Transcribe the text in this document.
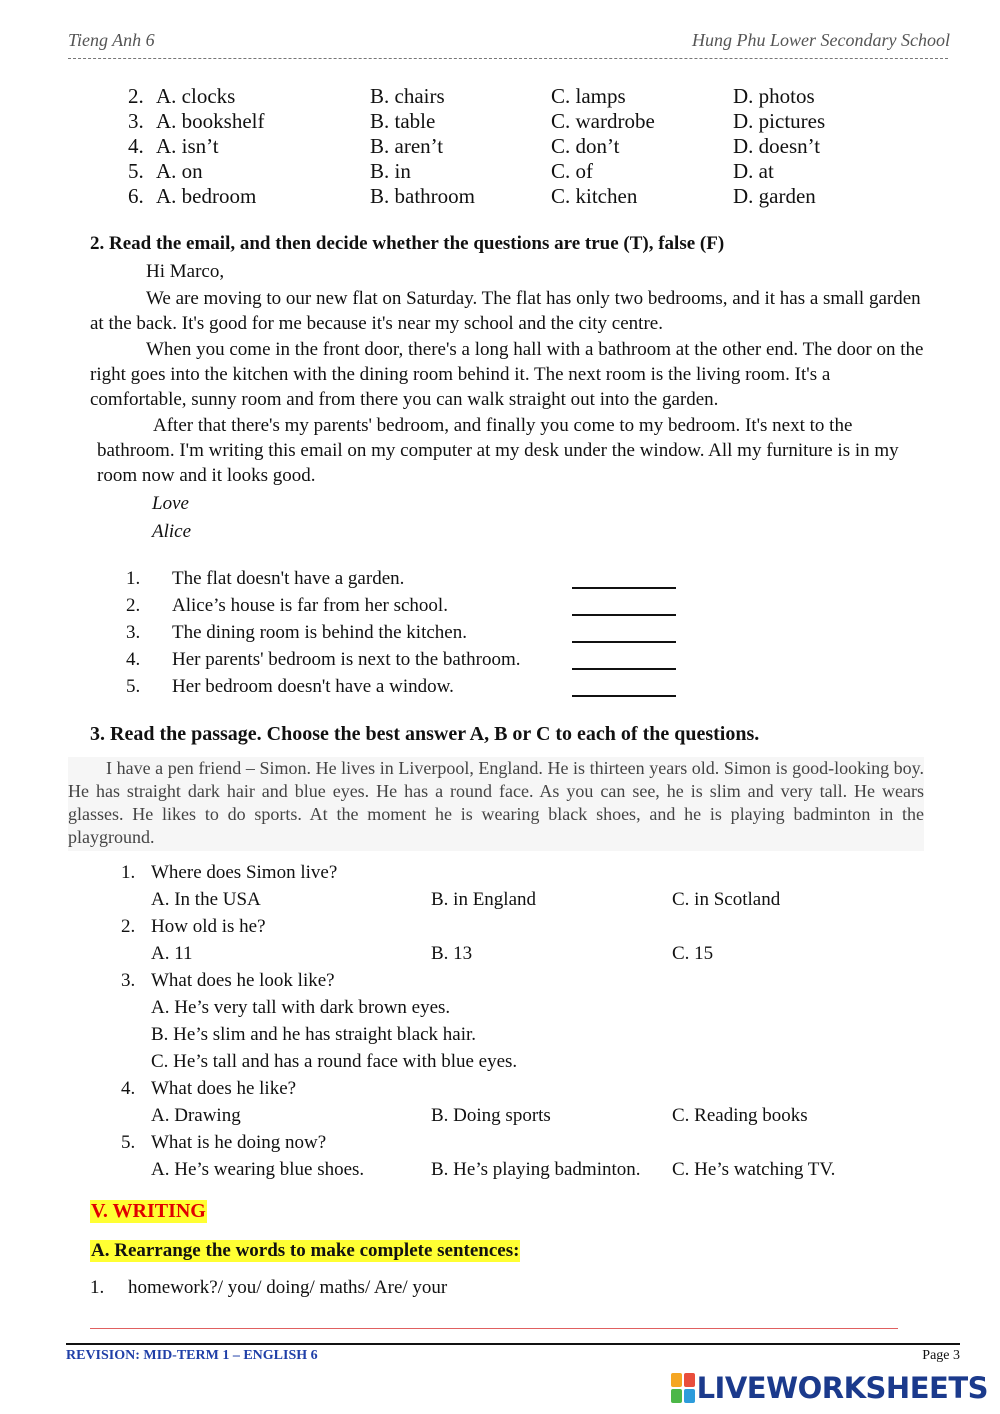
Tieng Anh 6	Hung Phu Lower Secondary School
2. A. clocks	B. chairs	C. lamps	D. photos
3. A. bookshelf	B. table	C. wardrobe	D. pictures
4. A. isn’t	B. aren’t	C. don’t	D. doesn’t
5. A. on	B. in	C. of	D. at
6. A. bedroom	B. bathroom	C. kitchen	D. garden
2. Read the email, and then decide whether the questions are true (T), false (F)
Hi Marco,
We are moving to our new flat on Saturday. The flat has only two bedrooms, and it has a small garden at the back. It's good for me because it's near my school and the city centre.
When you come in the front door, there's a long hall with a bathroom at the other end. The door on the right goes into the kitchen with the dining room behind it. The next room is the living room. It's a comfortable, sunny room and from there you can walk straight out into the garden.
After that there's my parents' bedroom, and finally you come to my bedroom. It's next to the bathroom. I'm writing this email on my computer at my desk under the window. All my furniture is in my room now and it looks good.
Love
Alice
1. The flat doesn't have a garden.
2. Alice’s house is far from her school.
3. The dining room is behind the kitchen.
4. Her parents' bedroom is next to the bathroom.
5. Her bedroom doesn't have a window.
3. Read the passage. Choose the best answer A, B or C to each of the questions.
I have a pen friend – Simon. He lives in Liverpool, England. He is thirteen years old. Simon is good-looking boy. He has straight dark hair and blue eyes. He has a round face. As you can see, he is slim and very tall. He wears glasses. He likes to do sports. At the moment he is wearing black shoes, and he is playing badminton in the playground.
1. Where does Simon live?
A. In the USA	B. in England	C. in Scotland
2. How old is he?
A. 11	B. 13	C. 15
3. What does he look like?
A. He’s very tall with dark brown eyes.
B. He’s slim and he has straight black hair.
C. He’s tall and has a round face with blue eyes.
4. What does he like?
A. Drawing	B. Doing sports	C. Reading books
5. What is he doing now?
A. He’s wearing blue shoes.	B. He’s playing badminton. C. He’s watching TV.
V. WRITING
A. Rearrange the words to make complete sentences:
1. homework?/ you/ doing/ maths/ Are/ your
REVISION: MID-TERM 1 – ENGLISH 6	Page 3
LIVEWORKSHEETS
